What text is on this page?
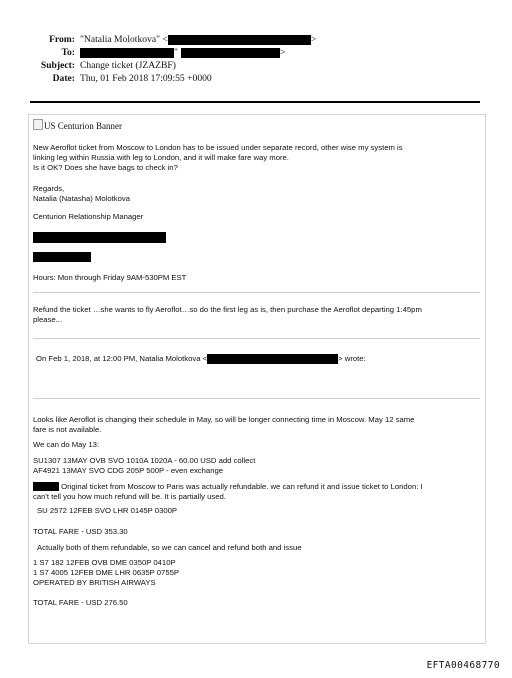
From: "Natalia Molotkova" <	>
To:	"	>
Subject: Change ticket (JZAZBF)
Date: Thu, 01 Feb 2018 17:09:55 +0000
US Centurion Banner
New Aeroflot ticket from Moscow to London has to be issued under separate record, other wise my system is
linking leg within Russia with leg to London, and it will make fare way more.
Is it OK? Does she have bags to check in?
Regards,
Natalia (Natasha) Molotkova
Centurion Relationship Manager
Hours: Mon through Friday 9AM-530PM EST
Refund the ticket …she wants to fly Aeroflot…so do the first leg as is, then purchase the Aeroflot departing 1:45pm
please...
On Feb 1, 2018, at 12:00 PM, Natalia Molotkova <	> wrote:
Looks like Aeroflot is changing their schedule in May, so will be longer connecting time in Moscow. May 12 same
fare is not available.
We can do May 13:
SU1307 13MAY OVB SVO 1010A 1020A - 60.00 USD add collect
AF4921 13MAY SVO CDG 205P 500P - even exchange
Original ticket from Moscow to Paris was actually refundable. we can refund it and issue ticket to London: I
can't tell you how much refund will be. It is partially used.
SU 2572 12FEB SVO LHR 0145P 0300P
TOTAL FARE - USD 353.30
Actually both of them refundable, so we can cancel and refund both and issue
1 S7 182 12FEB OVB DME 0350P 0410P
1 S7 4005 12FEB DME LHR 0635P 0755P
OPERATED BY BRITISH AIRWAYS
TOTAL FARE - USD 276.50
EFTA00468770
